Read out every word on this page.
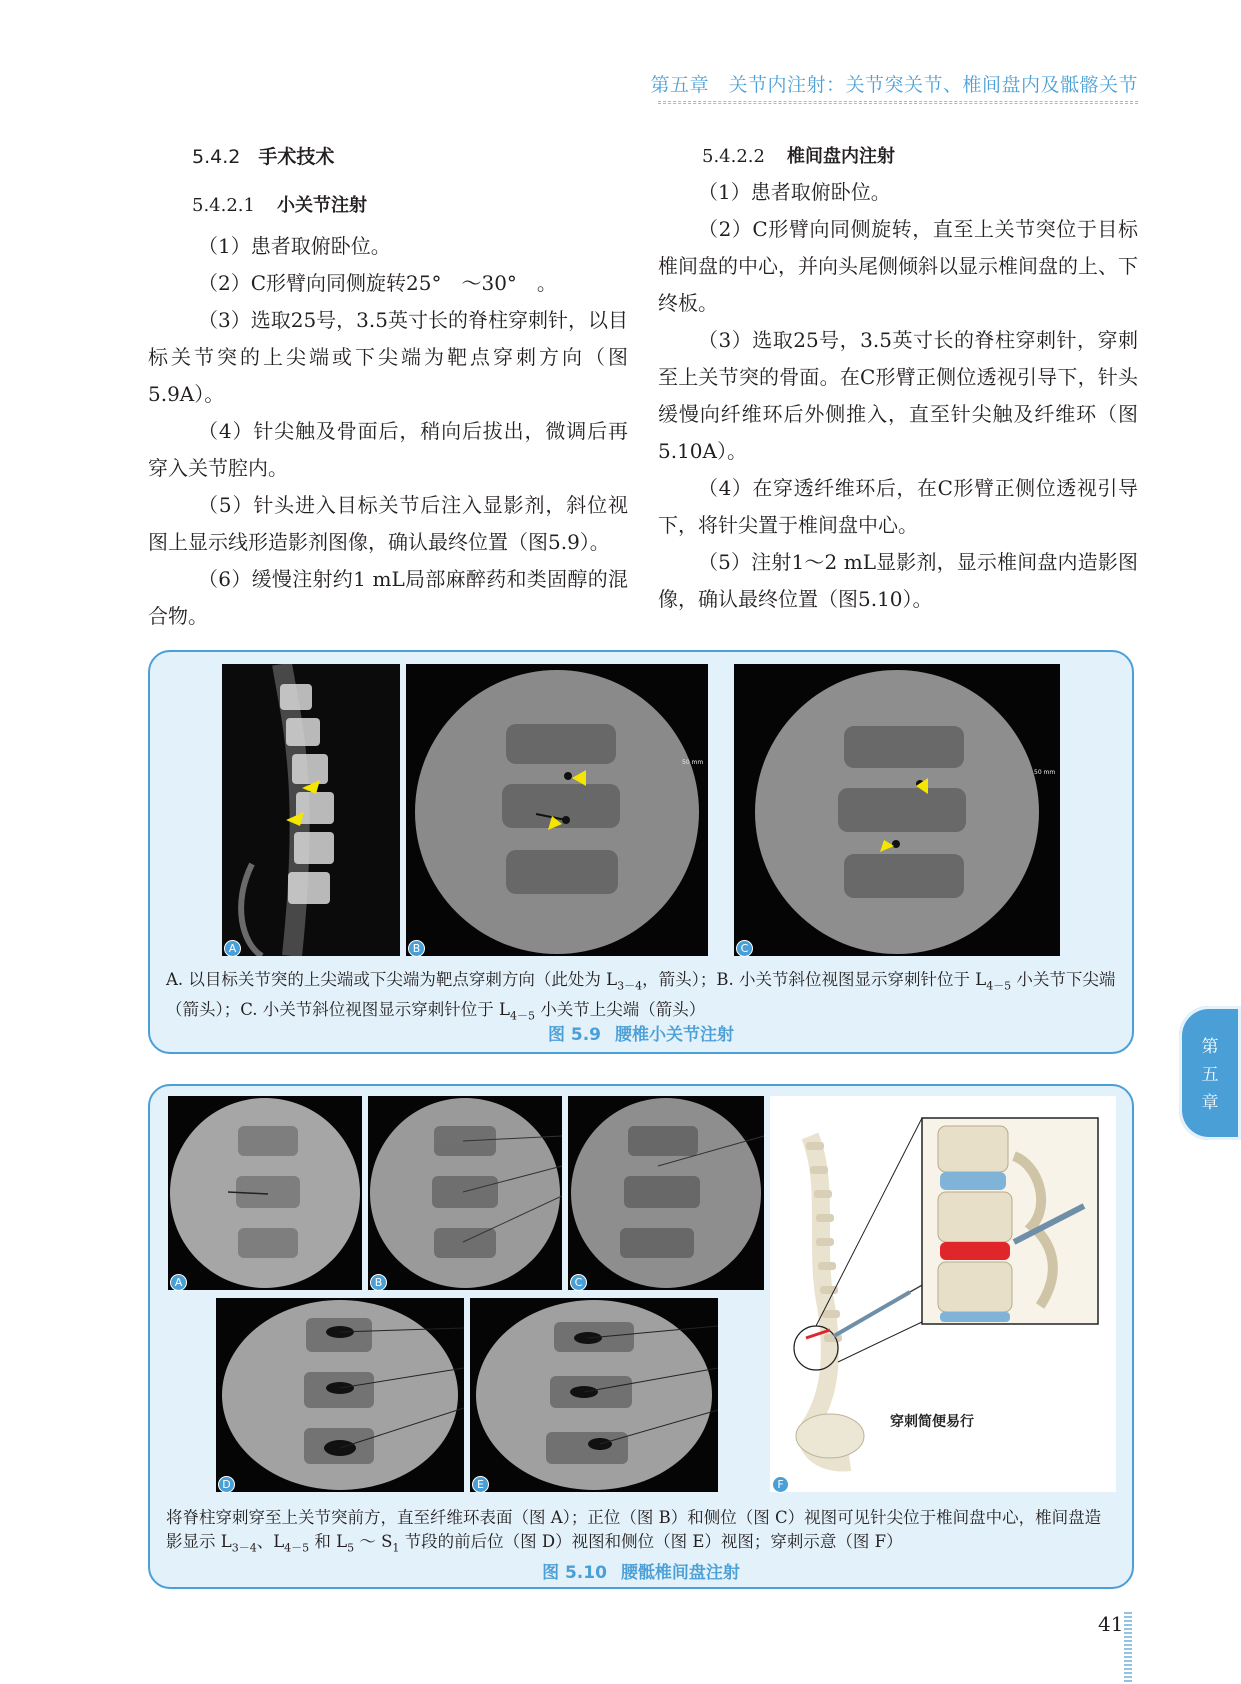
第五章　关节内注射：关节突关节、椎间盘内及骶髂关节
5.4.2 手术技术
5.4.2.1 小关节注射

（1）患者取俯卧位。

（2）C形臂向同侧旋转25°　～30°　。

（3）选取25号，3.5英寸长的脊柱穿刺针，以目标关节突的上尖端或下尖端为靶点穿刺方向（图5.9A）。

（4）针尖触及骨面后，稍向后拔出，微调后再穿入关节腔内。

（5）针头进入目标关节后注入显影剂，斜位视图上显示线形造影剂图像，确认最终位置（图5.9）。

（6）缓慢注射约1 mL局部麻醉药和类固醇的混合物。

5.4.2.2 椎间盘内注射

（1）患者取俯卧位。

（2）C形臂向同侧旋转，直至上关节突位于目标椎间盘的中心，并向头尾侧倾斜以显示椎间盘的上、下终板。

（3）选取25号，3.5英寸长的脊柱穿刺针，穿刺至上关节突的骨面。在C形臂正侧位透视引导下，针头缓慢向纤维环后外侧推入，直至针尖触及纤维环（图5.10A）。

（4）在穿透纤维环后，在C形臂正侧位透视引导下，将针尖置于椎间盘中心。

（5）注射1～2 mL显影剂，显示椎间盘内造影图像，确认最终位置（图5.10）。

第
五
章
A
50 mm
B
50 mm
C
A. 以目标关节突的上尖端或下尖端为靶点穿刺方向（此处为 $L_{3-4}$，箭头）；B. 小关节斜位视图显示穿刺针位于 $L_{4-5}$ 小关节下尖端（箭头）；C. 小关节斜位视图显示穿刺针位于 $L_{4-5}$ 小关节上尖端（箭头）
图 5.9 腰椎小关节注射
A	B	C
D	E
穿刺简便易行
F
将脊柱穿刺穿至上关节突前方，直至纤维环表面（图 A）；正位（图 B）和侧位（图 C）视图可见针尖位于椎间盘中心，椎间盘造影显示 $L_{3-4}$、$L_{4-5}$ 和 $L_5$ ～ $S_1$ 节段的前后位（图 D）视图和侧位（图 E）视图；穿刺示意（图 F）
图 5.10 腰骶椎间盘注射
41
